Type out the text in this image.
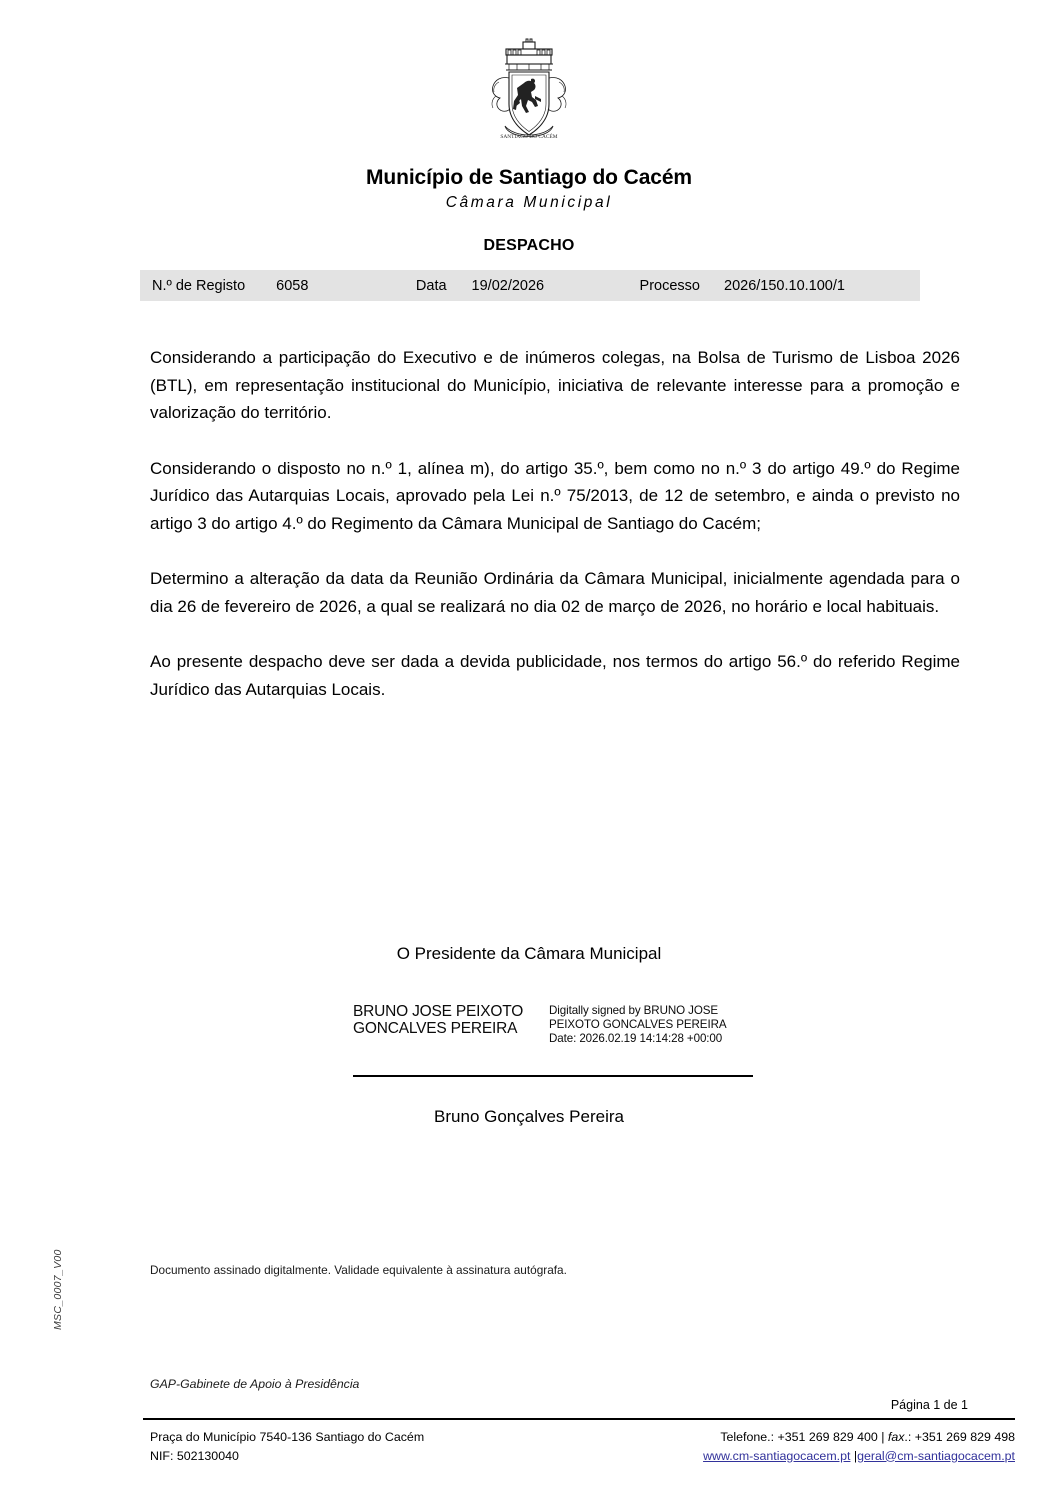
MSC_0007_V00
SANTIAGO DO CACÉM
Município de Santiago do Cacém
Câmara Municipal
DESPACHO
N.º de Registo	6058	Data	19/02/2026	Processo	2026/150.10.100/1

Considerando a participação do Executivo e de inúmeros colegas, na Bolsa de Turismo de Lisboa 2026 (BTL), em representação institucional do Município, iniciativa de relevante interesse para a promoção e valorização do território.

Considerando o disposto no n.º 1, alínea m), do artigo 35.º, bem como no n.º 3 do artigo 49.º do Regime Jurídico das Autarquias Locais, aprovado pela Lei n.º 75/2013, de 12 de setembro, e ainda o previsto no artigo 3 do artigo 4.º do Regimento da Câmara Municipal de Santiago do Cacém;

Determino a alteração da data da Reunião Ordinária da Câmara Municipal, inicialmente agendada para o dia 26 de fevereiro de 2026, a qual se realizará no dia 02 de março de 2026, no horário e local habituais.

Ao presente despacho deve ser dada a devida publicidade, nos termos do artigo 56.º do referido Regime Jurídico das Autarquias Locais.

O Presidente da Câmara Municipal
BRUNO JOSE PEIXOTO GONCALVES PEREIRA
Digitally signed by BRUNO JOSE PEIXOTO GONCALVES PEREIRA
Date: 2026.02.19 14:14:28 +00:00
Bruno Gonçalves Pereira
Documento assinado digitalmente. Validade equivalente à assinatura autógrafa.
GAP-Gabinete de Apoio à Presidência
Página 1 de 1
Praça do Município 7540-136 Santiago do Cacém
NIF: 502130040
Telefone.: +351 269 829 400 | fax.: +351 269 829 498
www.cm-santiagocacem.pt |geral@cm-santiagocacem.pt
